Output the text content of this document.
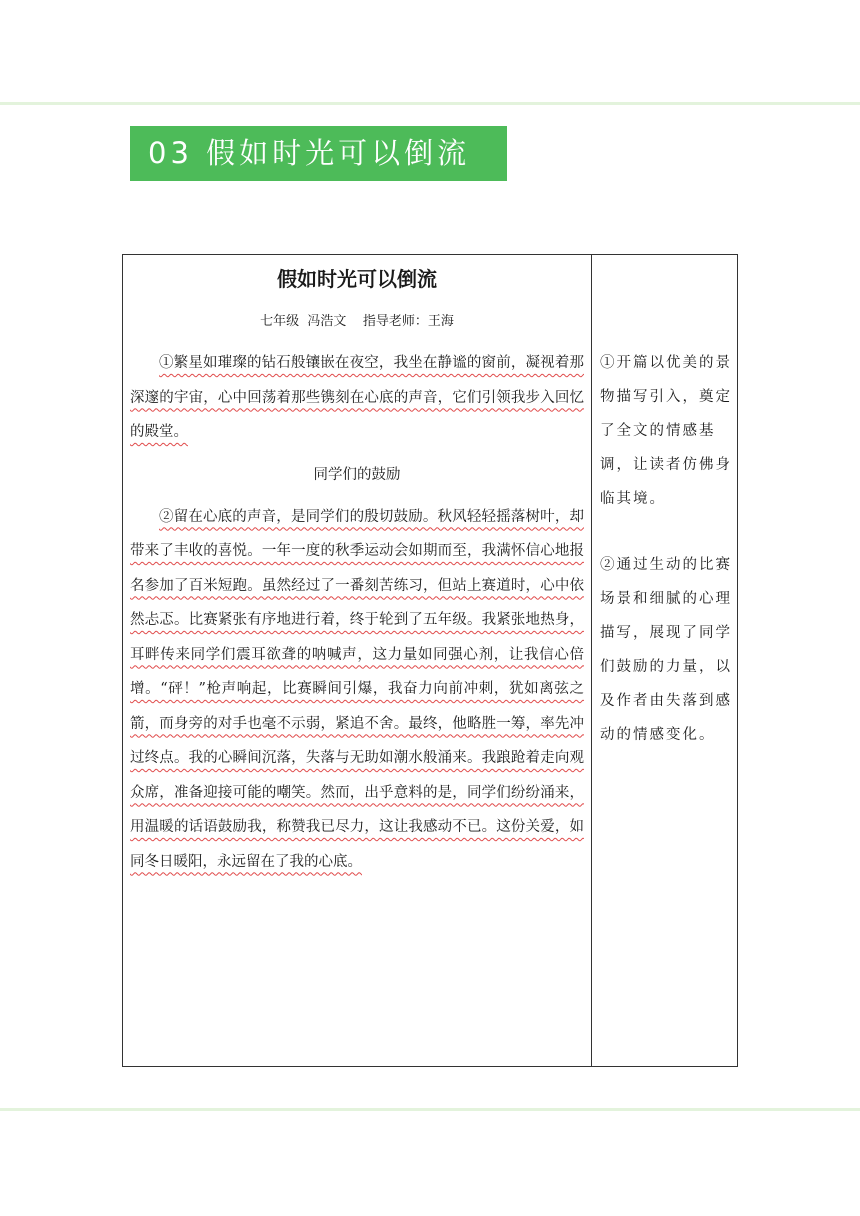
03 假如时光可以倒流
假如时光可以倒流
七年级  冯浩文    指导老师：王海

①繁星如璀璨的钻石般镶嵌在夜空，我坐在静谧的窗前，凝视着那深邃的宇宙，心中回荡着那些镌刻在心底的声音，它们引领我步入回忆的殿堂。

同学们的鼓励

②留在心底的声音，是同学们的殷切鼓励。秋风轻轻摇落树叶，却带来了丰收的喜悦。一年一度的秋季运动会如期而至，我满怀信心地报名参加了百米短跑。虽然经过了一番刻苦练习，但站上赛道时，心中依然忐忑。比赛紧张有序地进行着，终于轮到了五年级。我紧张地热身，耳畔传来同学们震耳欲聋的呐喊声，这力量如同强心剂，让我信心倍增。“砰！”枪声响起，比赛瞬间引爆，我奋力向前冲刺，犹如离弦之箭，而身旁的对手也毫不示弱，紧追不舍。最终，他略胜一筹，率先冲过终点。我的心瞬间沉落，失落与无助如潮水般涌来。我踉跄着走向观众席，准备迎接可能的嘲笑。然而，出乎意料的是，同学们纷纷涌来，用温暖的话语鼓励我，称赞我已尽力，这让我感动不已。这份关爱，如同冬日暖阳，永远留在了我的心底。

①开篇以优美的景物描写引入，奠定了全文的情感基调，让读者仿佛身临其境。
②通过生动的比赛场景和细腻的心理描写，展现了同学们鼓励的力量，以及作者由失落到感动的情感变化。
